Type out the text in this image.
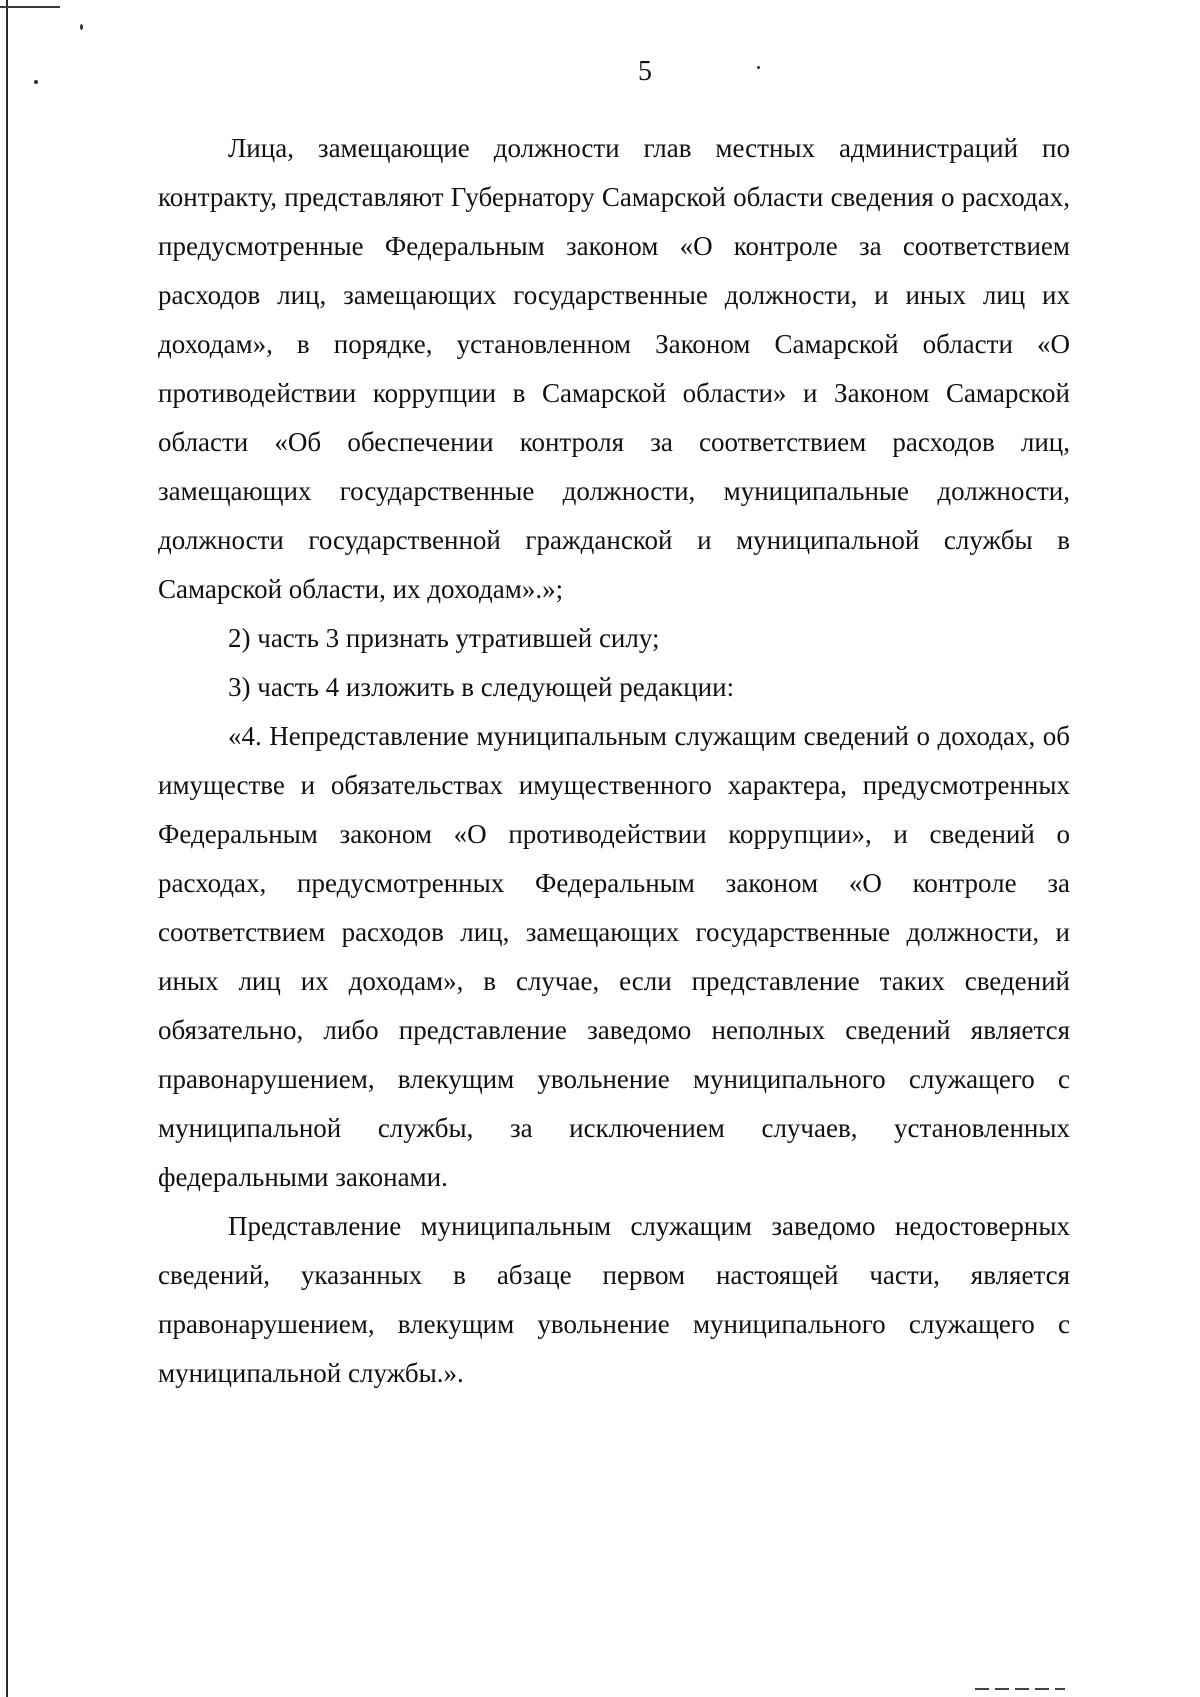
5

Лица, замещающие должности глав местных администраций по контракту, представляют Губернатору Самарской области сведения о расходах, предусмотренные Федеральным законом «О контроле за соответствием расходов лиц, замещающих государственные должности, и иных лиц их доходам», в порядке, установленном Законом Самарской области «О противодействии коррупции в Самарской области» и Законом Самарской области «Об обеспечении контроля за соответствием расходов лиц, замещающих государственные должности, муниципальные должности, должности государственной гражданской и муниципальной службы в Самарской области, их доходам».»;

2) часть 3 признать утратившей силу;

3) часть 4 изложить в следующей редакции:

«4. Непредставление муниципальным служащим сведений о доходах, об имуществе и обязательствах имущественного характера, предусмотренных Федеральным законом «О противодействии коррупции», и сведений о расходах, предусмотренных Федеральным законом «О контроле за соответствием расходов лиц, замещающих государственные должности, и иных лиц их доходам», в случае, если представление таких сведений обязательно, либо представление заведомо неполных сведений является правонарушением, влекущим увольнение муниципального служащего с муниципальной службы, за исключением случаев, установленных федеральными законами.

Представление муниципальным служащим заведомо недостоверных сведений, указанных в абзаце первом настоящей части, является правонарушением, влекущим увольнение муниципального служащего с муниципальной службы.».
